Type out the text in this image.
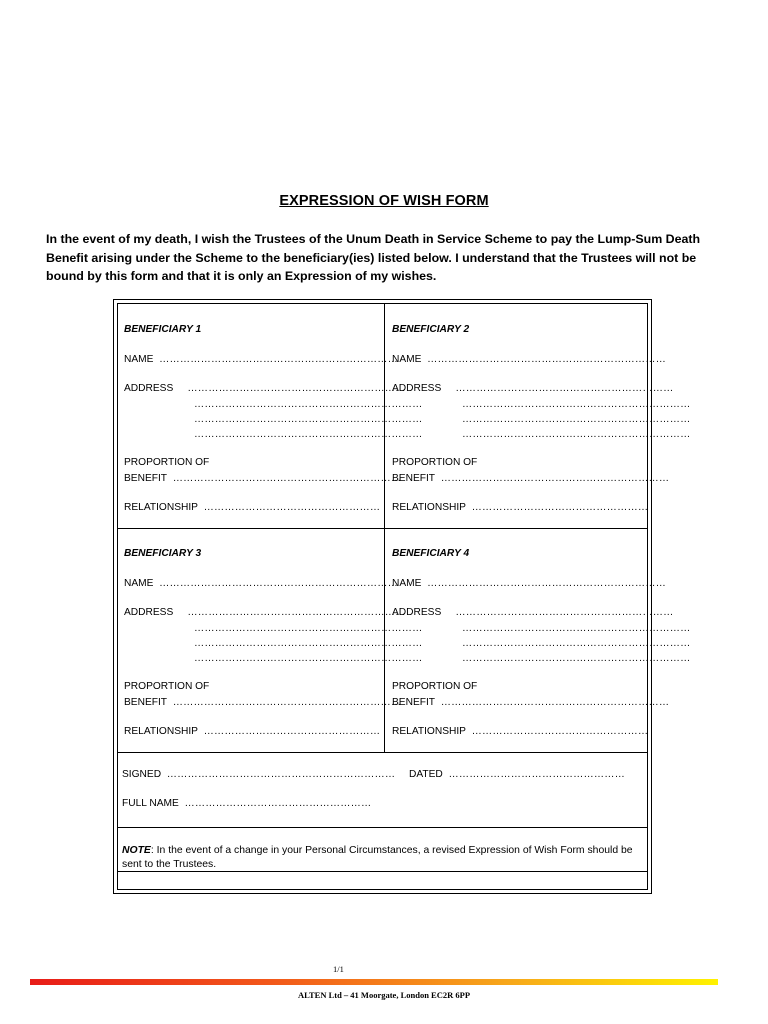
EXPRESSION OF WISH FORM
In the event of my death, I wish the Trustees of the Unum Death in Service Scheme to pay the Lump-Sum Death Benefit arising under the Scheme to the beneficiary(ies) listed below. I understand that the Trustees will not be bound by this form and that it is only an Expression of my wishes.
BENEFICIARY 1
NAME ……………………………………………………………
ADDRESS ………………………………………………………
…………………………………………………………
…………………………………………………………
…………………………………………………………
PROPORTION OF
BENEFIT …………………………………………………………
RELATIONSHIP ……………………………………………
BENEFICIARY 2
NAME ……………………………………………………………
ADDRESS ………………………………………………………
…………………………………………………………
…………………………………………………………
…………………………………………………………
PROPORTION OF
BENEFIT …………………………………………………………
RELATIONSHIP ……………………………………………
BENEFICIARY 3
NAME ……………………………………………………………
ADDRESS ………………………………………………………
…………………………………………………………
…………………………………………………………
…………………………………………………………
PROPORTION OF
BENEFIT …………………………………………………………
RELATIONSHIP ……………………………………………
BENEFICIARY 4
NAME ……………………………………………………………
ADDRESS ………………………………………………………
…………………………………………………………
…………………………………………………………
…………………………………………………………
PROPORTION OF
BENEFIT …………………………………………………………
RELATIONSHIP ……………………………………………
SIGNED ………………………………………………………… DATED ……………………………………………
FULL NAME ………………………………………………
NOTE: In the event of a change in your Personal Circumstances, a revised Expression of Wish Form should be sent to the Trustees.
1/1
ALTEN Ltd – 41 Moorgate, London EC2R 6PP
